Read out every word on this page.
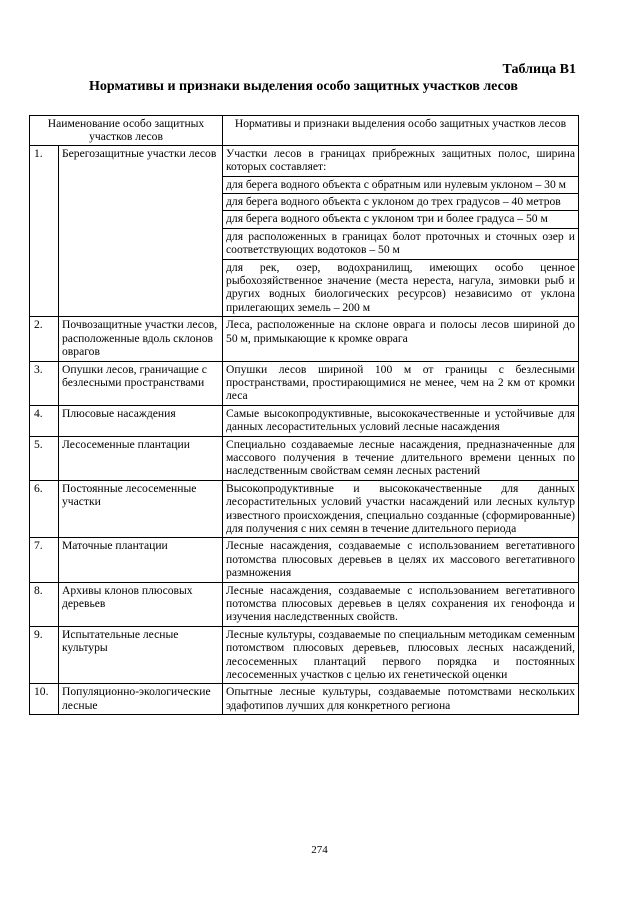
Таблица В1

Нормативы и признаки выделения особо защитных участков лесов

Наименование особо защитных участков лесов		Нормативы и признаки выделения особо защитных участков лесов
1.	Берегозащитные участки лесов	Участки лесов в границах прибрежных защитных полос, ширина которых составляет:
		для берега водного объекта с обратным или нулевым уклоном – 30 м
		для берега водного объекта с уклоном до трех градусов – 40 метров
		для берега водного объекта с уклоном три и более градуса – 50 м
		для расположенных в границах болот проточных и сточных озер и соответствующих водотоков – 50 м
		для рек, озер, водохранилищ, имеющих особо ценное рыбохозяйственное значение (места нереста, нагула, зимовки рыб и других водных биологических ресурсов) независимо от уклона прилегающих земель – 200 м
2.	Почвозащитные участки лесов, расположенные вдоль склонов оврагов	Леса, расположенные на склоне оврага и полосы лесов шириной до 50 м, примыкающие к кромке оврага
3.	Опушки лесов, граничащие с безлесными пространствами	Опушки лесов шириной 100 м от границы с безлесными пространствами, простирающимися не менее, чем на 2 км от кромки леса
4.	Плюсовые насаждения	Самые высокопродуктивные, высококачественные и устойчивые для данных лесорастительных условий лесные насаждения
5.	Лесосеменные плантации	Специально создаваемые лесные насаждения, предназначенные для массового получения в течение длительного времени ценных по наследственным свойствам семян лесных растений
6.	Постоянные лесосеменные участки	Высокопродуктивные и высококачественные для данных лесорастительных условий участки насаждений или лесных культур известного происхождения, специально созданные (сформированные) для получения с них семян в течение длительного периода
7.	Маточные плантации	Лесные насаждения, создаваемые с использованием вегетативного потомства плюсовых деревьев в целях их массового вегетативного размножения
8.	Архивы клонов плюсовых деревьев	Лесные насаждения, создаваемые с использованием вегетативного потомства плюсовых деревьев в целях сохранения их генофонда и изучения наследственных свойств.
9.	Испытательные лесные культуры	Лесные культуры, создаваемые по специальным методикам семенным потомством плюсовых деревьев, плюсовых лесных насаждений, лесосеменных плантаций первого порядка и постоянных лесосеменных участков с целью их генетической оценки
10.	Популяционно-экологические лесные	Опытные лесные культуры, создаваемые потомствами нескольких эдафотипов лучших для конкретного региона
274
